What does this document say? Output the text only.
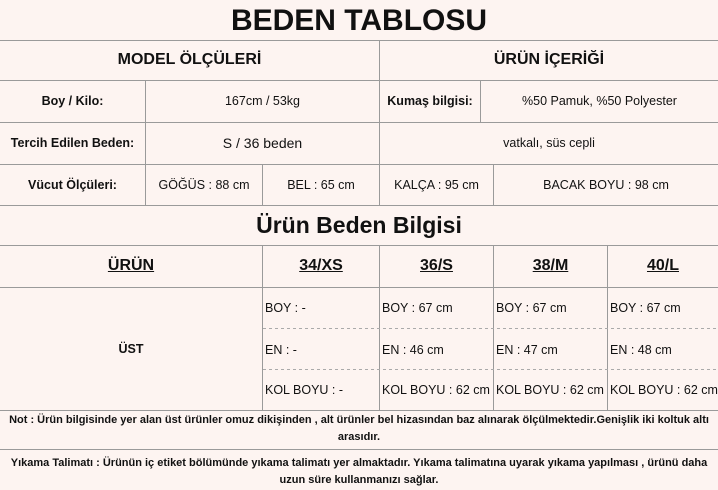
BEDEN TABLOSU
MODEL ÖLÇÜLERİ	ÜRÜN İÇERİĞİ
Boy / Kilo:	167cm / 53kg	Kumaş bilgisi:	%50 Pamuk, %50 Polyester
Tercih Edilen Beden:	S / 36 beden	vatkalı, süs cepli
Vücut Ölçüleri:	GÖĞÜS : 88 cm	BEL : 65 cm	KALÇA : 95 cm	BACAK BOYU : 98 cm
Ürün Beden Bilgisi
ÜRÜN	34/XS	36/S	38/M	40/L
ÜST
BOY : -	BOY : 67 cm	BOY : 67 cm	BOY : 67 cm
EN : -	EN : 46 cm	EN : 47 cm	EN : 48 cm
KOL BOYU : -	KOL BOYU : 62 cm KOL BOYU : 62 cm KOL BOYU : 62 cm
Not : Ürün bilgisinde yer alan üst ürünler omuz dikişinden , alt ürünler bel hizasından baz alınarak ölçülmektedir.Genişlik iki koltuk altı arasıdır.
Yıkama Talimatı : Ürünün iç etiket bölümünde yıkama talimatı yer almaktadır. Yıkama talimatına uyarak yıkama yapılması , ürünü daha uzun süre kullanmanızı sağlar.
